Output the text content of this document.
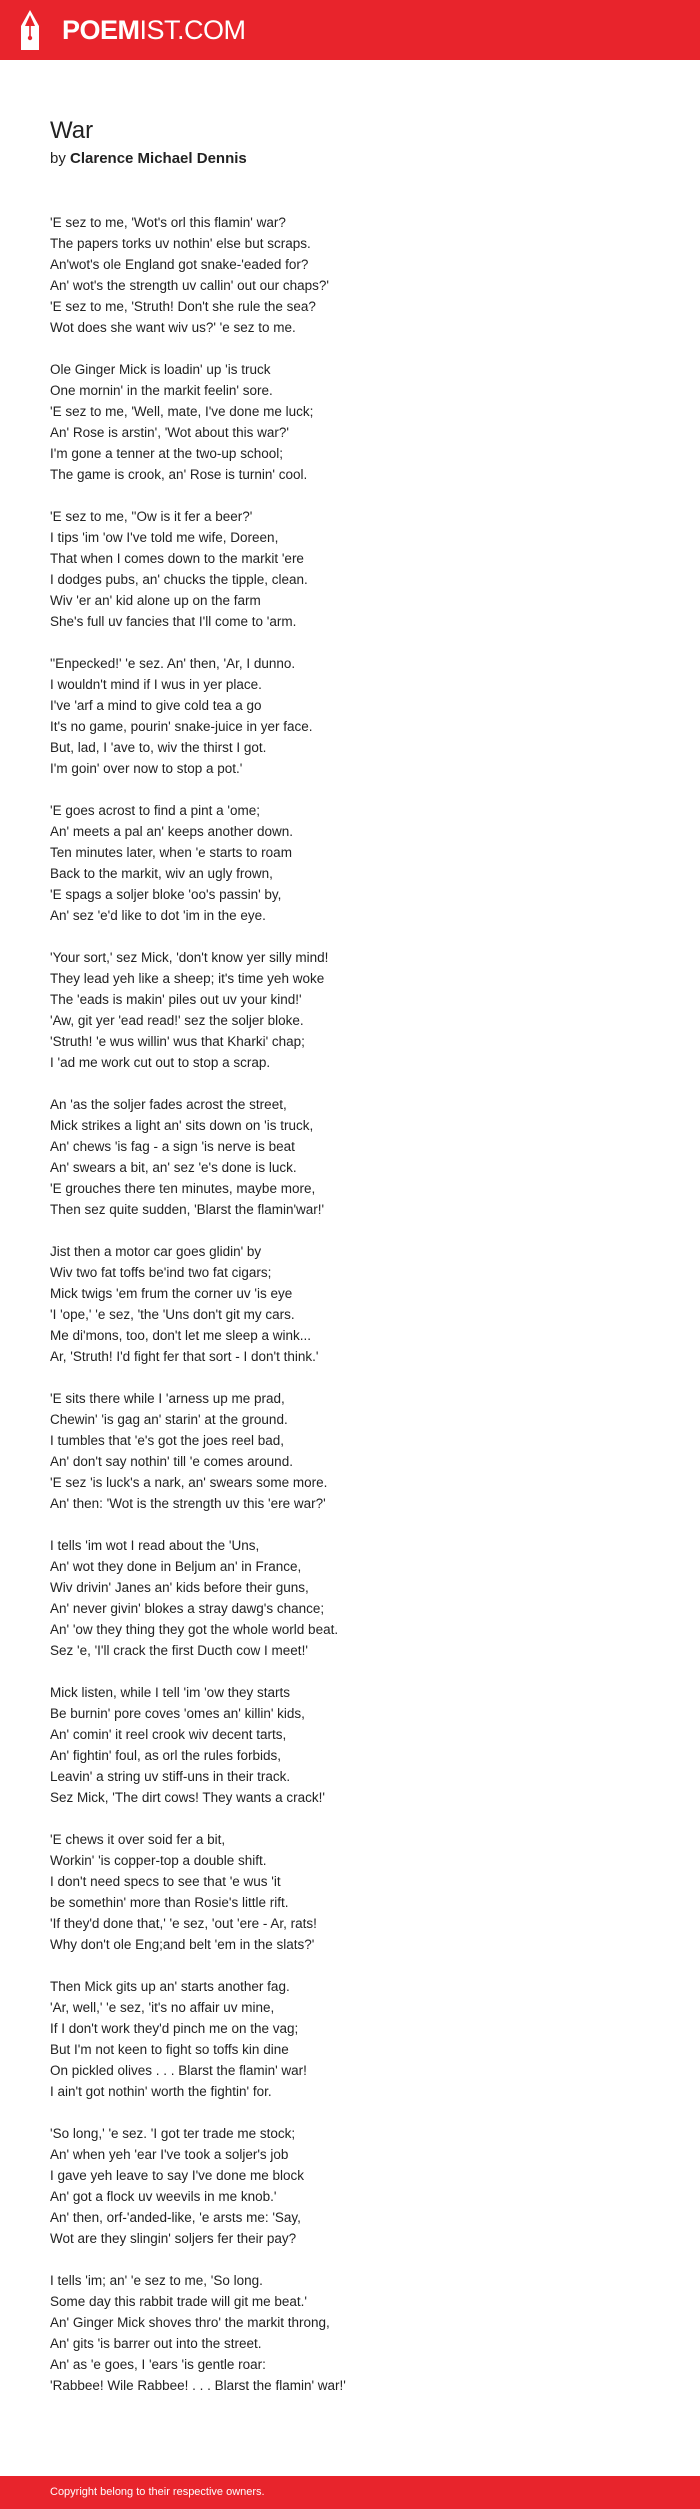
POEMIST.COM
War
by Clarence Michael Dennis
'E sez to me, 'Wot's orl this flamin' war?
The papers torks uv nothin' else but scraps.
An'wot's ole England got snake-'eaded for?
An' wot's the strength uv callin' out our chaps?'
'E sez to me, 'Struth! Don't she rule the sea?
Wot does she want wiv us?' 'e sez to me.
Ole Ginger Mick is loadin' up 'is truck
One mornin' in the markit feelin' sore.
'E sez to me, 'Well, mate, I've done me luck;
An' Rose is arstin', 'Wot about this war?'
I'm gone a tenner at the two-up school;
The game is crook, an' Rose is turnin' cool.
'E sez to me, ''Ow is it fer a beer?'
I tips 'im 'ow I've told me wife, Doreen,
That when I comes down to the markit 'ere
I dodges pubs, an' chucks the tipple, clean.
Wiv 'er an' kid alone up on the farm
She's full uv fancies that I'll come to 'arm.
''Enpecked!' 'e sez. An' then, 'Ar, I dunno.
I wouldn't mind if I wus in yer place.
I've 'arf a mind to give cold tea a go
It's no game, pourin' snake-juice in yer face.
But, lad, I 'ave to, wiv the thirst I got.
I'm goin' over now to stop a pot.'
'E goes acrost to find a pint a 'ome;
An' meets a pal an' keeps another down.
Ten minutes later, when 'e starts to roam
Back to the markit, wiv an ugly frown,
'E spags a soljer bloke 'oo's passin' by,
An' sez 'e'd like to dot 'im in the eye.
'Your sort,' sez Mick, 'don't know yer silly mind!
They lead yeh like a sheep; it's time yeh woke
The 'eads is makin' piles out uv your kind!'
'Aw, git yer 'ead read!' sez the soljer bloke.
'Struth! 'e wus willin' wus that Kharki' chap;
I 'ad me work cut out to stop a scrap.
An 'as the soljer fades acrost the street,
Mick strikes a light an' sits down on 'is truck,
An' chews 'is fag - a sign 'is nerve is beat
An' swears a bit, an' sez 'e's done is luck.
'E grouches there ten minutes, maybe more,
Then sez quite sudden, 'Blarst the flamin'war!'
Jist then a motor car goes glidin' by
Wiv two fat toffs be'ind two fat cigars;
Mick twigs 'em frum the corner uv 'is eye
'I 'ope,' 'e sez, 'the 'Uns don't git my cars.
Me di'mons, too, don't let me sleep a wink...
Ar, 'Struth! I'd fight fer that sort - I don't think.'
'E sits there while I 'arness up me prad,
Chewin' 'is gag an' starin' at the ground.
I tumbles that 'e's got the joes reel bad,
An' don't say nothin' till 'e comes around.
'E sez 'is luck's a nark, an' swears some more.
An' then: 'Wot is the strength uv this 'ere war?'
I tells 'im wot I read about the 'Uns,
An' wot they done in Beljum an' in France,
Wiv drivin' Janes an' kids before their guns,
An' never givin' blokes a stray dawg's chance;
An' 'ow they thing they got the whole world beat.
Sez 'e, 'I'll crack the first Ducth cow I meet!'
Mick listen, while I tell 'im 'ow they starts
Be burnin' pore coves 'omes an' killin' kids,
An' comin' it reel crook wiv decent tarts,
An' fightin' foul, as orl the rules forbids,
Leavin' a string uv stiff-uns in their track.
Sez Mick, 'The dirt cows! They wants a crack!'
'E chews it over soid fer a bit,
Workin' 'is copper-top a double shift.
I don't need specs to see that 'e wus 'it
be somethin' more than Rosie's little rift.
'If they'd done that,' 'e sez, 'out 'ere - Ar, rats!
Why don't ole Eng;and belt 'em in the slats?'
Then Mick gits up an' starts another fag.
'Ar, well,' 'e sez, 'it's no affair uv mine,
If I don't work they'd pinch me on the vag;
But I'm not keen to fight so toffs kin dine
On pickled olives . . . Blarst the flamin' war!
I ain't got nothin' worth the fightin' for.
'So long,' 'e sez. 'I got ter trade me stock;
An' when yeh 'ear I've took a soljer's job
I gave yeh leave to say I've done me block
An' got a flock uv weevils in me knob.'
An' then, orf-'anded-like, 'e arsts me: 'Say,
Wot are they slingin' soljers fer their pay?
I tells 'im; an' 'e sez to me, 'So long.
Some day this rabbit trade will git me beat.'
An' Ginger Mick shoves thro' the markit throng,
An' gits 'is barrer out into the street.
An' as 'e goes, I 'ears 'is gentle roar:
'Rabbee! Wile Rabbee! . . . Blarst the flamin' war!'
Copyright belong to their respective owners.
